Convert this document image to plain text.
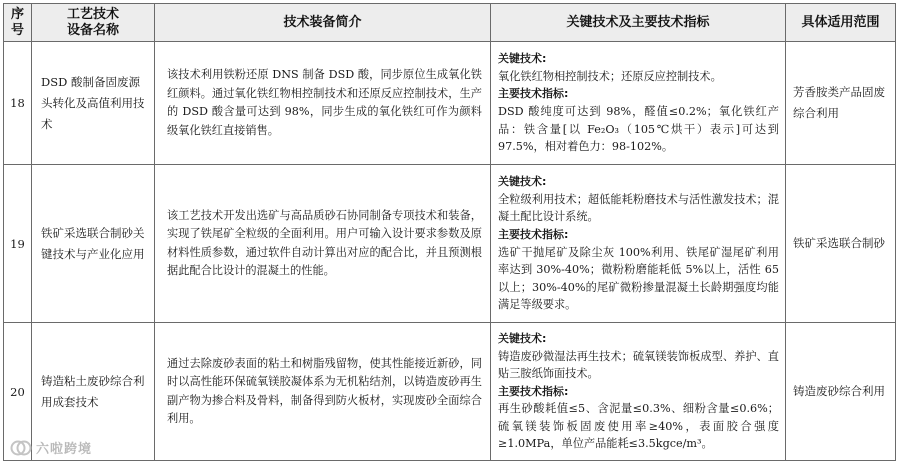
序
号	工艺技术
设备名称	技术装备简介	关键技术及主要技术指标	具体适用范围
18	DSD 酸制备固废源头转化及高值利用技术	该技术利用铁粉还原 DNS 制备 DSD 酸，同步原位生成氧化铁红颜料。通过氧化铁红物相控制技术和还原反应控制技术，生产的 DSD 酸含量可达到 98%，同步生成的氧化铁红可作为颜料级氧化铁红直接销售。	关键技术:
氧化铁红物相控制技术；还原反应控制技术。
主要技术指标:
DSD 酸纯度可达到 98%，醛值≤0.2%；氧化铁红产品：铁含量[以 Fe₂O₃（105℃烘干）表示]可达到 97.5%，相对着色力：98-102%。	芳香胺类产品固废综合利用
19	铁矿采选联合制砂关键技术与产业化应用	该工艺技术开发出选矿与高品质砂石协同制备专项技术和装备，实现了铁尾矿全粒级的全面利用。用户可输入设计要求参数及原材料性质参数，通过软件自动计算出对应的配合比，并且预测根据此配合比设计的混凝土的性能。	关键技术:
全粒级利用技术；超低能耗粉磨技术与活性激发技术；混凝土配比设计系统。
主要技术指标:
选矿干抛尾矿及除尘灰 100%利用、铁尾矿湿尾矿利用率达到 30%-40%；微粉粉磨能耗低 5%以上，活性 65 以上；30%-40%的尾矿微粉掺量混凝土长龄期强度均能满足等级要求。	铁矿采选联合制砂
20	铸造粘土废砂综合利用成套技术	通过去除废砂表面的粘土和树脂残留物，使其性能接近新砂，同时以高性能环保硫氧镁胶凝体系为无机粘结剂，以铸造废砂再生副产物为掺合料及骨料，制备得到防火板材，实现废砂全面综合利用。	关键技术:
铸造废砂微湿法再生技术；硫氧镁装饰板成型、养护、直贴三胺纸饰面技术。
主要技术指标:
再生砂酸耗值≤5、含泥量≤0.3%、细粉含量≤0.6%；硫氧镁装饰板固废使用率≥40%，表面胶合强度≥1.0MPa，单位产品能耗≤3.5kgce/m³。	铸造废砂综合利用
六啦跨境
